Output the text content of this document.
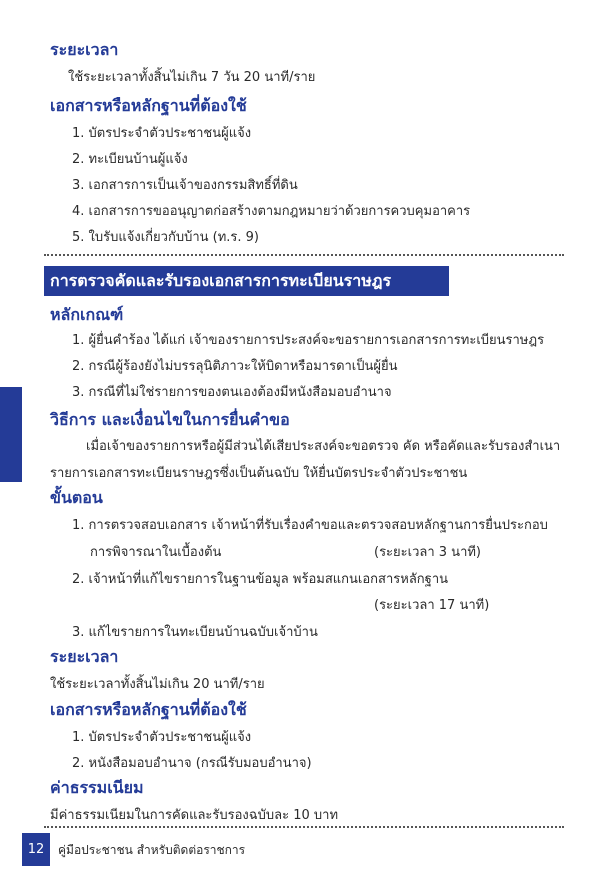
ระยะเวลา
ใช้ระยะเวลาทั้งสิ้นไม่เกิน 7 วัน 20 นาที/ราย
เอกสารหรือหลักฐานที่ต้องใช้
1. บัตรประจำตัวประชาชนผู้แจ้ง
2. ทะเบียนบ้านผู้แจ้ง
3. เอกสารการเป็นเจ้าของกรรมสิทธิ์ที่ดิน
4. เอกสารการขออนุญาตก่อสร้างตามกฎหมายว่าด้วยการควบคุมอาคาร
5. ใบรับแจ้งเกี่ยวกับบ้าน (ท.ร. 9)
การตรวจคัดและรับรองเอกสารการทะเบียนราษฎร
หลักเกณฑ์
1. ผู้ยื่นคำร้อง ได้แก่ เจ้าของรายการประสงค์จะขอรายการเอกสารการทะเบียนราษฎร
2. กรณีผู้ร้องยังไม่บรรลุนิติภาวะให้บิดาหรือมารดาเป็นผู้ยื่น
3. กรณีที่ไม่ใช่รายการของตนเองต้องมีหนังสือมอบอำนาจ
วิธีการ และเงื่อนไขในการยื่นคำขอ
เมื่อเจ้าของรายการหรือผู้มีส่วนได้เสียประสงค์จะขอตรวจ คัด หรือคัดและรับรองสำเนา
รายการเอกสารทะเบียนราษฎรซึ่งเป็นต้นฉบับ ให้ยื่นบัตรประจำตัวประชาชน
ขั้นตอน
1. การตรวจสอบเอกสาร เจ้าหน้าที่รับเรื่องคำขอและตรวจสอบหลักฐานการยื่นประกอบ
การพิจารณาในเบื้องต้น	(ระยะเวลา 3 นาที)
2. เจ้าหน้าที่แก้ไขรายการในฐานข้อมูล พร้อมสแกนเอกสารหลักฐาน
(ระยะเวลา 17 นาที)
3. แก้ไขรายการในทะเบียนบ้านฉบับเจ้าบ้าน
ระยะเวลา
ใช้ระยะเวลาทั้งสิ้นไม่เกิน 20 นาที/ราย
เอกสารหรือหลักฐานที่ต้องใช้
1. บัตรประจำตัวประชาชนผู้แจ้ง
2. หนังสือมอบอำนาจ (กรณีรับมอบอำนาจ)
ค่าธรรมเนียม
มีค่าธรรมเนียมในการคัดและรับรองฉบับละ 10 บาท
12	คู่มือประชาชน สำหรับติดต่อราชการ
